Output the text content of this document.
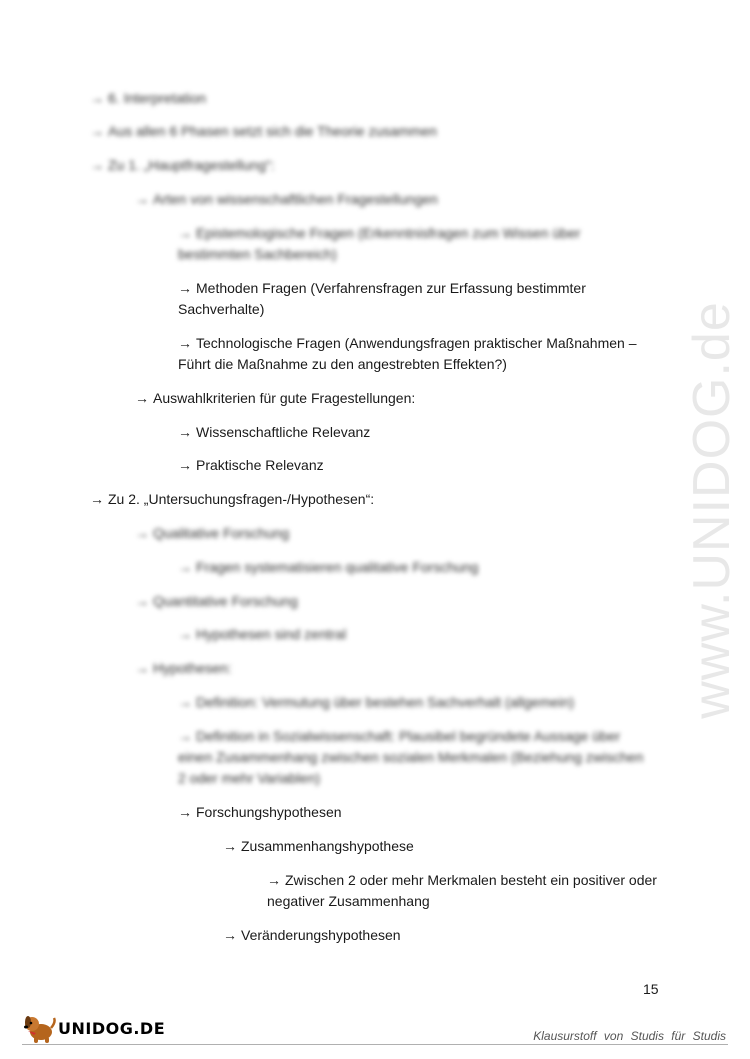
www.UNIDOG.de
→ 6. Interpretation
→ Aus allen 6 Phasen setzt sich die Theorie zusammen
→ Zu 1. „Hauptfragestellung“:
→ Arten von wissenschaftlichen Fragestellungen
→ Epistemologische Fragen (Erkenntnisfragen zum Wissen über bestimmten Sachbereich)
→ Methoden Fragen (Verfahrensfragen zur Erfassung bestimmter Sachverhalte)
→ Technologische Fragen (Anwendungsfragen praktischer Maßnahmen – Führt die Maßnahme zu den angestrebten Effekten?)
→ Auswahlkriterien für gute Fragestellungen:
→ Wissenschaftliche Relevanz
→ Praktische Relevanz
→ Zu 2. „Untersuchungsfragen-/Hypothesen“:
→ Qualitative Forschung
→ Fragen systematisieren qualitative Forschung
→ Quantitative Forschung
→ Hypothesen sind zentral
→ Hypothesen:
→ Definition: Vermutung über bestehen Sachverhalt (allgemein)
→ Definition in Sozialwissenschaft: Plausibel begründete Aussage über einen Zusammenhang zwischen sozialen Merkmalen (Beziehung zwischen 2 oder mehr Variablen)
→ Forschungshypothesen
→ Zusammenhangshypothese
→ Zwischen 2 oder mehr Merkmalen besteht ein positiver oder negativer Zusammenhang
→ Veränderungshypothesen
15
UNIDOG.DE	Klausurstoff von Studis für Studis
